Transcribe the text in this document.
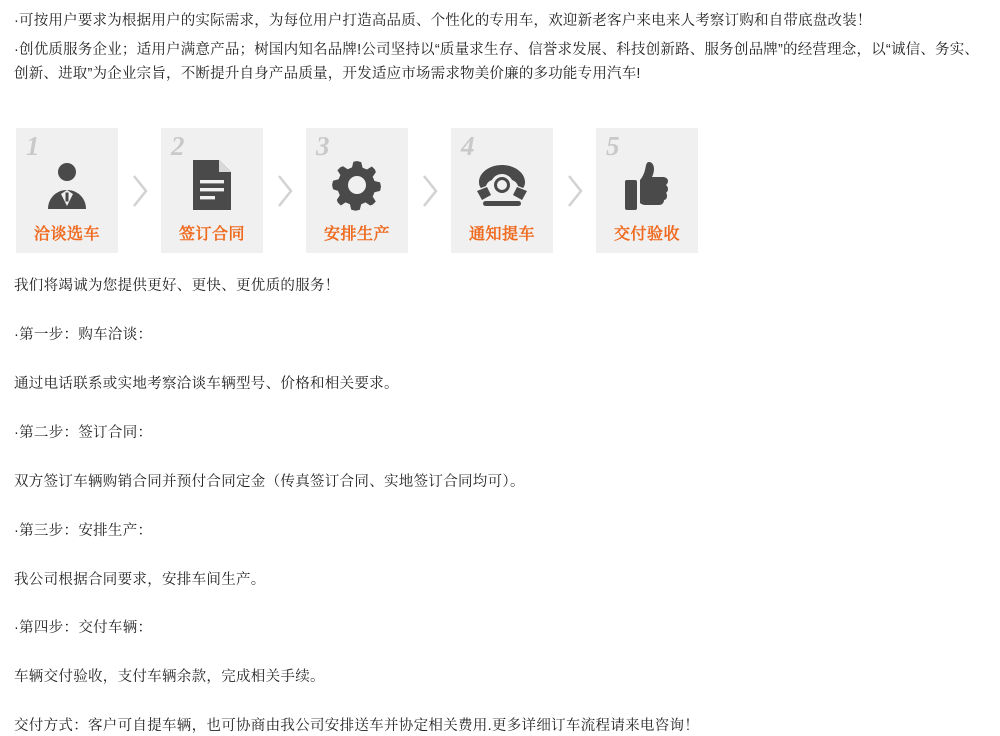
·可按用户要求为根据用户的实际需求，为每位用户打造高品质、个性化的专用车，欢迎新老客户来电来人考察订购和自带底盘改装！

·创优质服务企业；适用户满意产品；树国内知名品牌!公司坚持以“质量求生存、信誉求发展、科技创新路、服务创品牌”的经营理念，以“诚信、务实、创新、进取”为企业宗旨，不断提升自身产品质量，开发适应市场需求物美价廉的多功能专用汽车!

1
洽谈选车
2
签订合同
3
安排生产
4
通知提车
5
交付验收

我们将竭诚为您提供更好、更快、更优质的服务！

·第一步：购车洽谈：

通过电话联系或实地考察洽谈车辆型号、价格和相关要求。

·第二步：签订合同：

双方签订车辆购销合同并预付合同定金（传真签订合同、实地签订合同均可）。

·第三步：安排生产：

我公司根据合同要求，安排车间生产。

·第四步：交付车辆：

车辆交付验收，支付车辆余款，完成相关手续。

交付方式：客户可自提车辆，也可协商由我公司安排送车并协定相关费用.更多详细订车流程请来电咨询！
